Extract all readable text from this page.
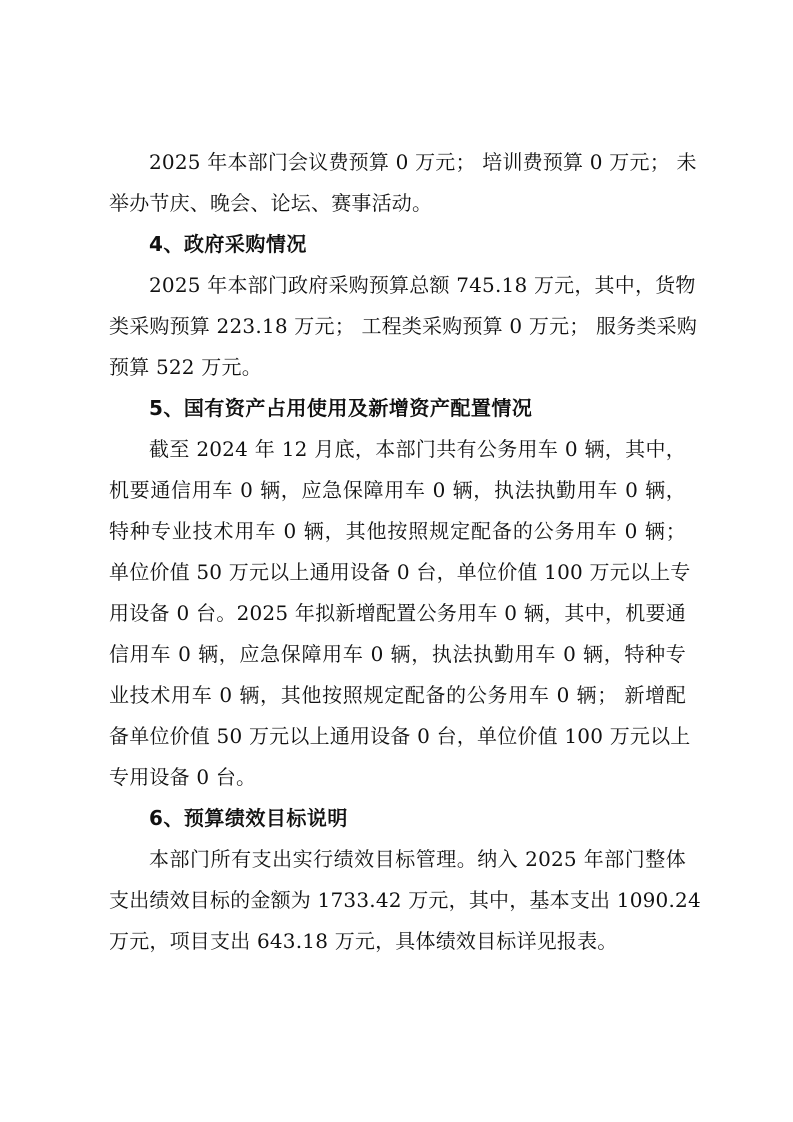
2025 年本部门会议费预算 0 万元； 培训费预算 0 万元； 未
举办节庆、晚会、论坛、赛事活动。
4、政府采购情况
2025 年本部门政府采购预算总额 745.18 万元，其中，货物
类采购预算 223.18 万元； 工程类采购预算 0 万元； 服务类采购
预算 522 万元。
5、国有资产占用使用及新增资产配置情况
截至 2024 年 12 月底，本部门共有公务用车 0 辆，其中，
机要通信用车 0 辆，应急保障用车 0 辆，执法执勤用车 0 辆，
特种专业技术用车 0 辆，其他按照规定配备的公务用车 0 辆；
单位价值 50 万元以上通用设备 0 台，单位价值 100 万元以上专
用设备 0 台。2025 年拟新增配置公务用车 0 辆，其中，机要通
信用车 0 辆，应急保障用车 0 辆，执法执勤用车 0 辆，特种专
业技术用车 0 辆，其他按照规定配备的公务用车 0 辆； 新增配
备单位价值 50 万元以上通用设备 0 台，单位价值 100 万元以上
专用设备 0 台。
6、预算绩效目标说明
本部门所有支出实行绩效目标管理。纳入 2025 年部门整体
支出绩效目标的金额为 1733.42 万元，其中，基本支出 1090.24
万元，项目支出 643.18 万元，具体绩效目标详见报表。
